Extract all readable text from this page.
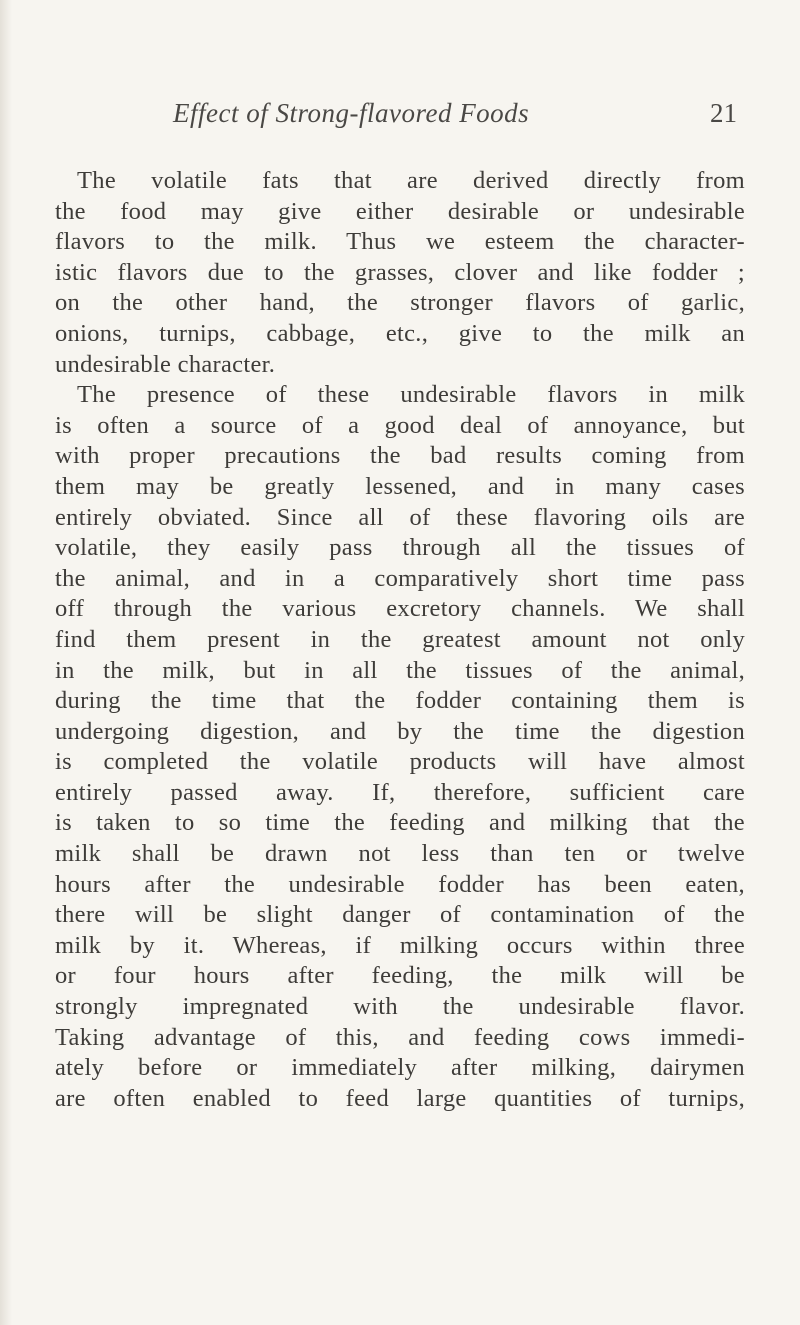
Effect of Strong-flavored Foods	21
The volatile fats that are derived directly from
the food may give either desirable or undesirable
flavors to the milk. Thus we esteem the character-
istic flavors due to the grasses, clover and like fodder ;
on the other hand, the stronger flavors of garlic,
onions, turnips, cabbage, etc., give to the milk an
undesirable character.
The presence of these undesirable flavors in milk
is often a source of a good deal of annoyance, but
with proper precautions the bad results coming from
them may be greatly lessened, and in many cases
entirely obviated. Since all of these flavoring oils are
volatile, they easily pass through all the tissues of
the animal, and in a comparatively short time pass
off through the various excretory channels. We shall
find them present in the greatest amount not only
in the milk, but in all the tissues of the animal,
during the time that the fodder containing them is
undergoing digestion, and by the time the digestion
is completed the volatile products will have almost
entirely passed away. If, therefore, sufficient care
is taken to so time the feeding and milking that the
milk shall be drawn not less than ten or twelve
hours after the undesirable fodder has been eaten,
there will be slight danger of contamination of the
milk by it. Whereas, if milking occurs within three
or four hours after feeding, the milk will be
strongly impregnated with the undesirable flavor.
Taking advantage of this, and feeding cows immedi-
ately before or immediately after milking, dairymen
are often enabled to feed large quantities of turnips,
